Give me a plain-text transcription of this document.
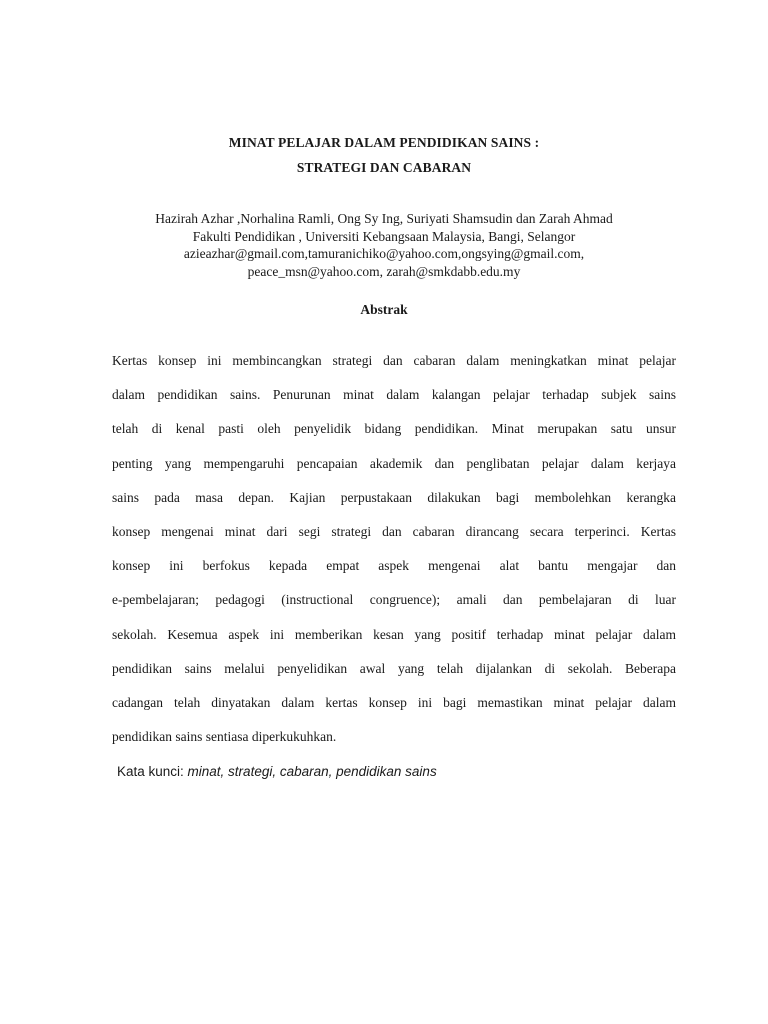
MINAT PELAJAR DALAM PENDIDIKAN SAINS :
STRATEGI DAN CABARAN
Hazirah Azhar ,Norhalina Ramli, Ong Sy Ing, Suriyati Shamsudin dan Zarah Ahmad
Fakulti Pendidikan , Universiti Kebangsaan Malaysia, Bangi, Selangor
azieazhar@gmail.com,tamuranichiko@yahoo.com,ongsying@gmail.com,
peace_msn@yahoo.com, zarah@smkdabb.edu.my
Abstrak
Kertas konsep ini membincangkan strategi dan cabaran dalam meningkatkan minat pelajar
dalam pendidikan sains. Penurunan minat dalam kalangan pelajar terhadap subjek sains
telah di kenal pasti oleh penyelidik bidang pendidikan. Minat merupakan satu unsur
penting yang mempengaruhi pencapaian akademik dan penglibatan pelajar dalam kerjaya
sains pada masa depan. Kajian perpustakaan dilakukan bagi membolehkan kerangka
konsep mengenai minat dari segi strategi dan cabaran dirancang secara terperinci. Kertas
konsep ini berfokus kepada empat aspek mengenai alat bantu mengajar dan
e-pembelajaran; pedagogi (instructional congruence); amali dan pembelajaran di luar
sekolah. Kesemua aspek ini memberikan kesan yang positif terhadap minat pelajar dalam
pendidikan sains melalui penyelidikan awal yang telah dijalankan di sekolah. Beberapa
cadangan telah dinyatakan dalam kertas konsep ini bagi memastikan minat pelajar dalam
pendidikan sains sentiasa diperkukuhkan.
Kata kunci: minat, strategi, cabaran, pendidikan sains
